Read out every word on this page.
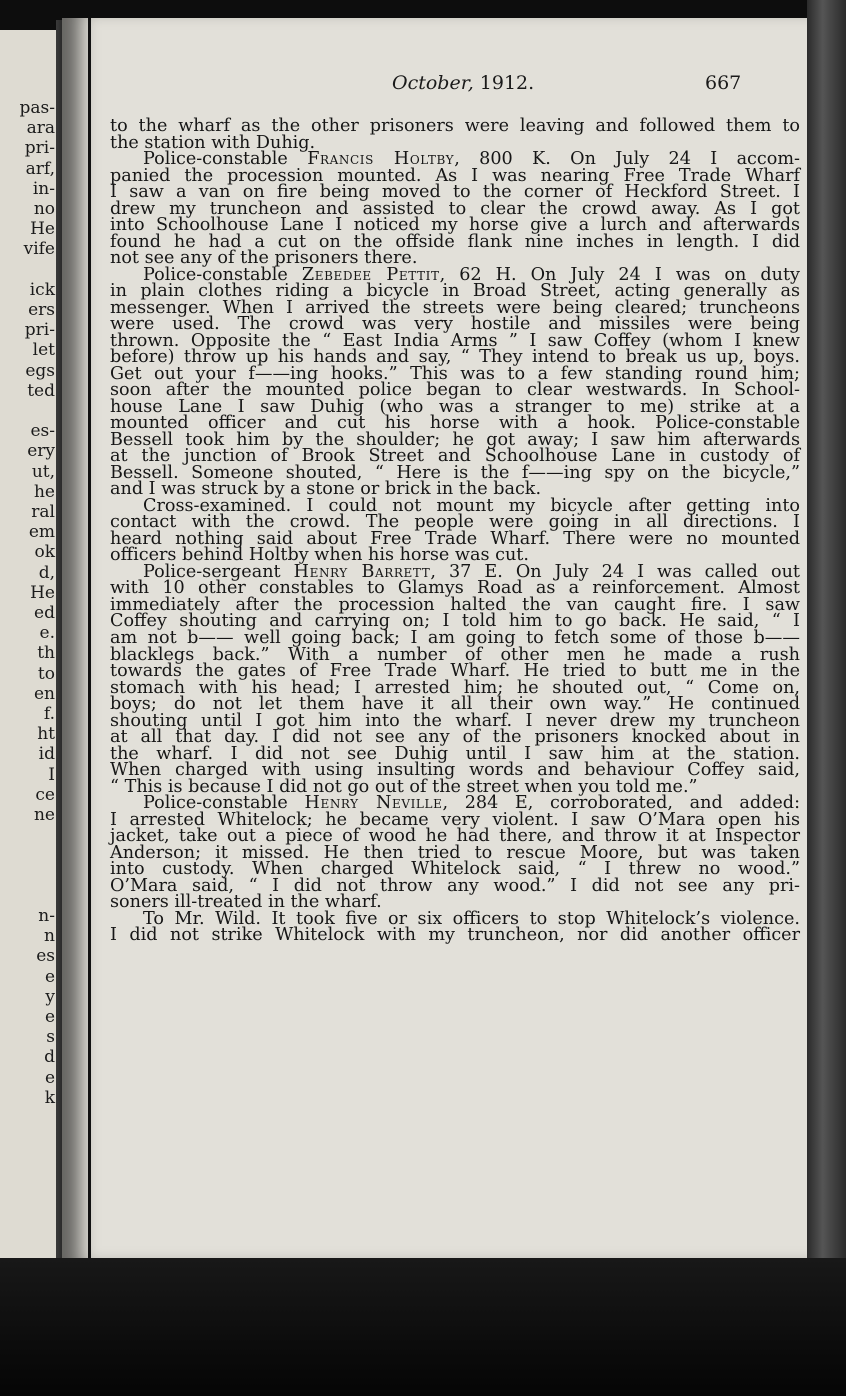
pas-
ara
pri-
arf,
in-
no
He
vife
ick
ers
pri-
let
egs
ted
es-
ery
ut,
he
ral
em
ok
d,
He
ed
e.
th
to
en
f.
ht
id
I
ce
ne
n-
n
es
e
y
e
s
d
e
k
October, 1912.	667
to the wharf as the other prisoners were leaving and followed them to
the station with Duhig.
Police-constable Francis Holtby, 800 K. On July 24 I accom-
panied the procession mounted. As I was nearing Free Trade Wharf
I saw a van on fire being moved to the corner of Heckford Street. I
drew my truncheon and assisted to clear the crowd away. As I got
into Schoolhouse Lane I noticed my horse give a lurch and afterwards
found he had a cut on the offside flank nine inches in length. I did
not see any of the prisoners there.
Police-constable Zebedee Pettit, 62 H. On July 24 I was on duty
in plain clothes riding a bicycle in Broad Street, acting generally as
messenger. When I arrived the streets were being cleared; truncheons
were used. The crowd was very hostile and missiles were being
thrown. Opposite the “ East India Arms ” I saw Coffey (whom I knew
before) throw up his hands and say, “ They intend to break us up, boys.
Get out your f——ing hooks.” This was to a few standing round him;
soon after the mounted police began to clear westwards. In School-
house Lane I saw Duhig (who was a stranger to me) strike at a
mounted officer and cut his horse with a hook. Police-constable
Bessell took him by the shoulder; he got away; I saw him afterwards
at the junction of Brook Street and Schoolhouse Lane in custody of
Bessell. Someone shouted, “ Here is the f——ing spy on the bicycle,”
and I was struck by a stone or brick in the back.
Cross-examined. I could not mount my bicycle after getting into
contact with the crowd. The people were going in all directions. I
heard nothing said about Free Trade Wharf. There were no mounted
officers behind Holtby when his horse was cut.
Police-sergeant Henry Barrett, 37 E. On July 24 I was called out
with 10 other constables to Glamys Road as a reinforcement. Almost
immediately after the procession halted the van caught fire. I saw
Coffey shouting and carrying on; I told him to go back. He said, “ I
am not b—— well going back; I am going to fetch some of those b——
blacklegs back.” With a number of other men he made a rush
towards the gates of Free Trade Wharf. He tried to butt me in the
stomach with his head; I arrested him; he shouted out, “ Come on,
boys; do not let them have it all their own way.” He continued
shouting until I got him into the wharf. I never drew my truncheon
at all that day. I did not see any of the prisoners knocked about in
the wharf. I did not see Duhig until I saw him at the station.
When charged with using insulting words and behaviour Coffey said,
“ This is because I did not go out of the street when you told me.”
Police-constable Henry Neville, 284 E, corroborated, and added:
I arrested Whitelock; he became very violent. I saw O’Mara open his
jacket, take out a piece of wood he had there, and throw it at Inspector
Anderson; it missed. He then tried to rescue Moore, but was taken
into custody. When charged Whitelock said, “ I threw no wood.”
O’Mara said, “ I did not throw any wood.” I did not see any pri-
soners ill-treated in the wharf.
To Mr. Wild. It took five or six officers to stop Whitelock’s violence.
I did not strike Whitelock with my truncheon, nor did another officer
